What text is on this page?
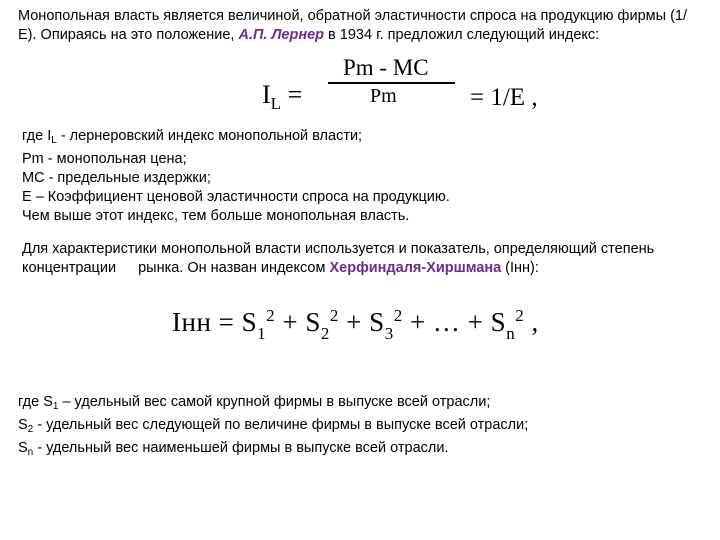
Монопольная власть является величиной, обратной эластичности спроса на продукцию фирмы (1/ Е). Опираясь на это положение, А.П. Лернер в 1934 г. предложил следующий индекс:
$I_L$ =
Pm - MC
Pm	= 1/E ,
где $I_L$ - лернеровский индекс монопольной власти;
Pm - монопольная цена;
МС - предельные издержки;
Е – Коэффициент ценовой эластичности спроса на продукцию.
Чем выше этот индекс, тем больше монопольная власть.
Для характеристики монопольной власти используется и показатель, определяющий степень концентрации рынка. Он назван индексом Херфиндаля-Хиршмана (Iнн):
Iнн = $S_1^2 + S_2^2 + S_3^2$ + … + $S_n^2$ ,
где $S_1$ – удельный вес самой крупной фирмы в выпуске всей отрасли;
$S_2$ - удельный вес следующей по величине фирмы в выпуске всей отрасли;
$S_n$ - удельный вес наименьшей фирмы в выпуске всей отрасли.
